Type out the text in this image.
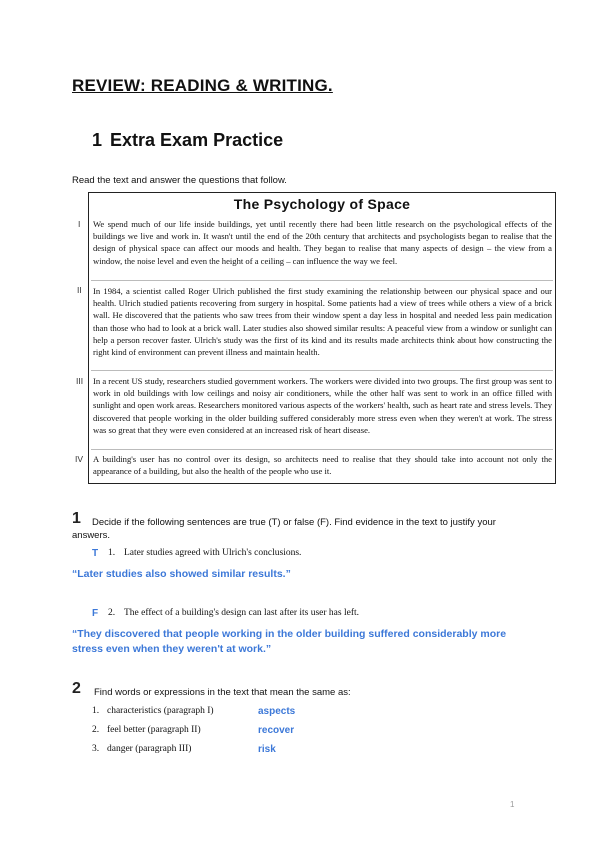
REVIEW: READING & WRITING.
1 Extra Exam Practice
Read the text and answer the questions that follow.
The Psychology of Space
I We spend much of our life inside buildings, yet until recently there had been little research on the psychological effects of the buildings we live and work in. It wasn't until the end of the 20th century that architects and psychologists began to realise that the design of physical space can affect our moods and health. They began to realise that many aspects of design – the view from a window, the noise level and even the height of a ceiling – can influence the way we feel.
II In 1984, a scientist called Roger Ulrich published the first study examining the relationship between our physical space and our health. Ulrich studied patients recovering from surgery in hospital. Some patients had a view of trees while others a view of a brick wall. He discovered that the patients who saw trees from their window spent a day less in hospital and needed less pain medication than those who had to look at a brick wall. Later studies also showed similar results: A peaceful view from a window or sunlight can help a person recover faster. Ulrich's study was the first of its kind and its results made architects think about how constructing the right kind of environment can prevent illness and maintain health.
III In a recent US study, researchers studied government workers. The workers were divided into two groups. The first group was sent to work in old buildings with low ceilings and noisy air conditioners, while the other half was sent to work in an office filled with sunlight and open work areas. Researchers monitored various aspects of the workers' health, such as heart rate and stress levels. They discovered that people working in the older building suffered considerably more stress even when they weren't at work. The stress was so great that they were even considered at an increased risk of heart disease.
IV A building's user has no control over its design, so architects need to realise that they should take into account not only the appearance of a building, but also the health of the people who use it.
1	Decide if the following sentences are true (T) or false (F). Find evidence in the text to justify your answers.
T 1. Later studies agreed with Ulrich's conclusions.
“Later studies also showed similar results.”
F 2. The effect of a building's design can last after its user has left.
“They discovered that people working in the older building suffered considerably more stress even when they weren't at work.”
2 Find words or expressions in the text that mean the same as:
1. characteristics (paragraph I)	aspects
2. feel better (paragraph II)	recover
3. danger (paragraph III)	risk
1
